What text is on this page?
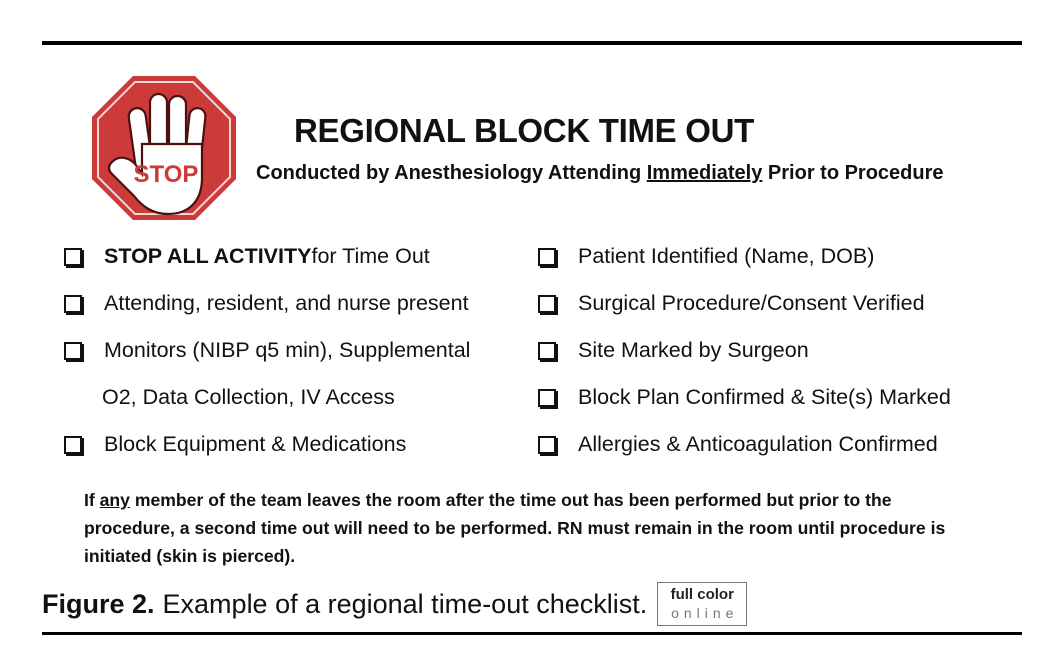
STOP
REGIONAL BLOCK TIME OUT
Conducted by Anesthesiology Attending Immediately Prior to Procedure
STOP ALL ACTIVITY for Time Out
Attending, resident, and nurse present
Monitors (NIBP q5 min), Supplemental
O2, Data Collection, IV Access
Block Equipment & Medications
Patient Identified (Name, DOB)
Surgical Procedure/Consent Verified
Site Marked by Surgeon
Block Plan Confirmed & Site(s) Marked
Allergies & Anticoagulation Confirmed
If any member of the team leaves the room after the time out has been performed but prior to the procedure, a second time out will need to be performed. RN must remain in the room until procedure is initiated (skin is pierced).
Figure 2. Example of a regional time-out checklist. full color
online
